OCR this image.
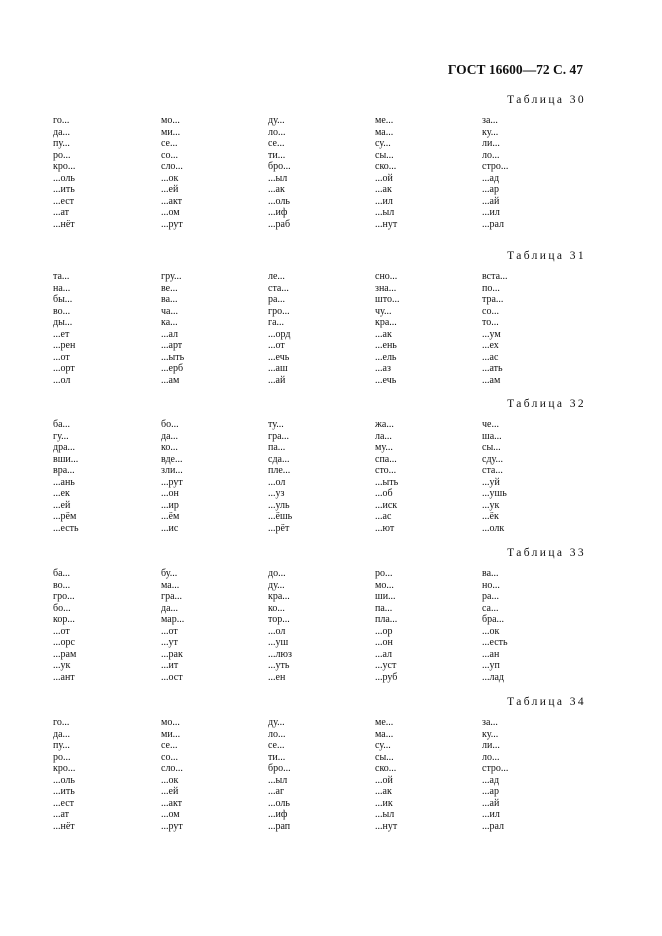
ГОСТ 16600—72 С. 47
Таблица 30
го...
да...
пу...
ро...
кро...
...оль
...ить
...ест
...ат
...нёт
мо...
ми...
се...
со...
сло...
...ок
...ей
...акт
...ом
...рут
ду...
ло...
се...
ти...
бро...
...ыл
...ак
...оль
...иф
...раб
ме...
ма...
су...
сы...
ско...
...ой
...ак
...ил
...ыл
...нут
за...
ку...
ли...
ло...
стро...
...ад
...ар
...ай
...ил
...рал
Таблица 31
та...
на...
бы...
во...
ды...
...ет
...рен
...от
...орт
...ол
гру...
ве...
ва...
ча...
ка...
...ал
...арт
...ыть
...ерб
...ам
ле...
ста...
ра...
гро...
га...
...орд
...от
...ечь
...аш
...ай
сно...
зна...
што...
чу...
кра...
...ак
...ень
...ель
...аз
...ечь
вста...
по...
тра...
со...
то...
...ум
...ех
...ас
...ать
...ам
Таблица 32
ба...
гу...
дра...
вши...
вра...
...ань
...ек
...ей
...рём
...есть
бо...
да...
ко...
вде...
зли...
...рут
...он
...ир
...ём
...ис
ту...
гра...
па...
сда...
пле...
...ол
...уз
...уль
...ёшь
...рёт
жа...
ла...
му...
спа...
сто...
...ыть
...об
...иск
...ас
...ют
че...
ша...
сы...
сду...
ста...
...уй
...ушь
...ук
...ёк
...олк
Таблица 33
ба...
во...
гро...
бо...
кор...
...от
...орс
...рам
...ук
...ант
бу...
ма...
гра...
да...
мар...
...от
...ут
...рак
...ит
...ост
до...
ду...
кра...
ко...
тор...
...ол
...уш
...люз
...уть
...ен
ро...
мо...
ши...
па...
пла...
...ор
...он
...ал
...уст
...руб
ва...
но...
ра...
са...
бра...
...ок
...есть
...ан
...уп
...лад
Таблица 34
го...
да...
пу...
ро...
кро...
...оль
...ить
...ест
...ат
...нёт
мо...
ми...
се...
со...
сло...
...ок
...ей
...акт
...ом
...рут
ду...
ло...
се...
ти...
бро...
...ыл
...аг
...оль
...иф
...рап
ме...
ма...
су...
сы...
ско...
...ой
...ак
...ик
...ыл
...нут
за...
ку...
ли...
ло...
стро...
...ад
...ар
...ай
...ил
...рал
